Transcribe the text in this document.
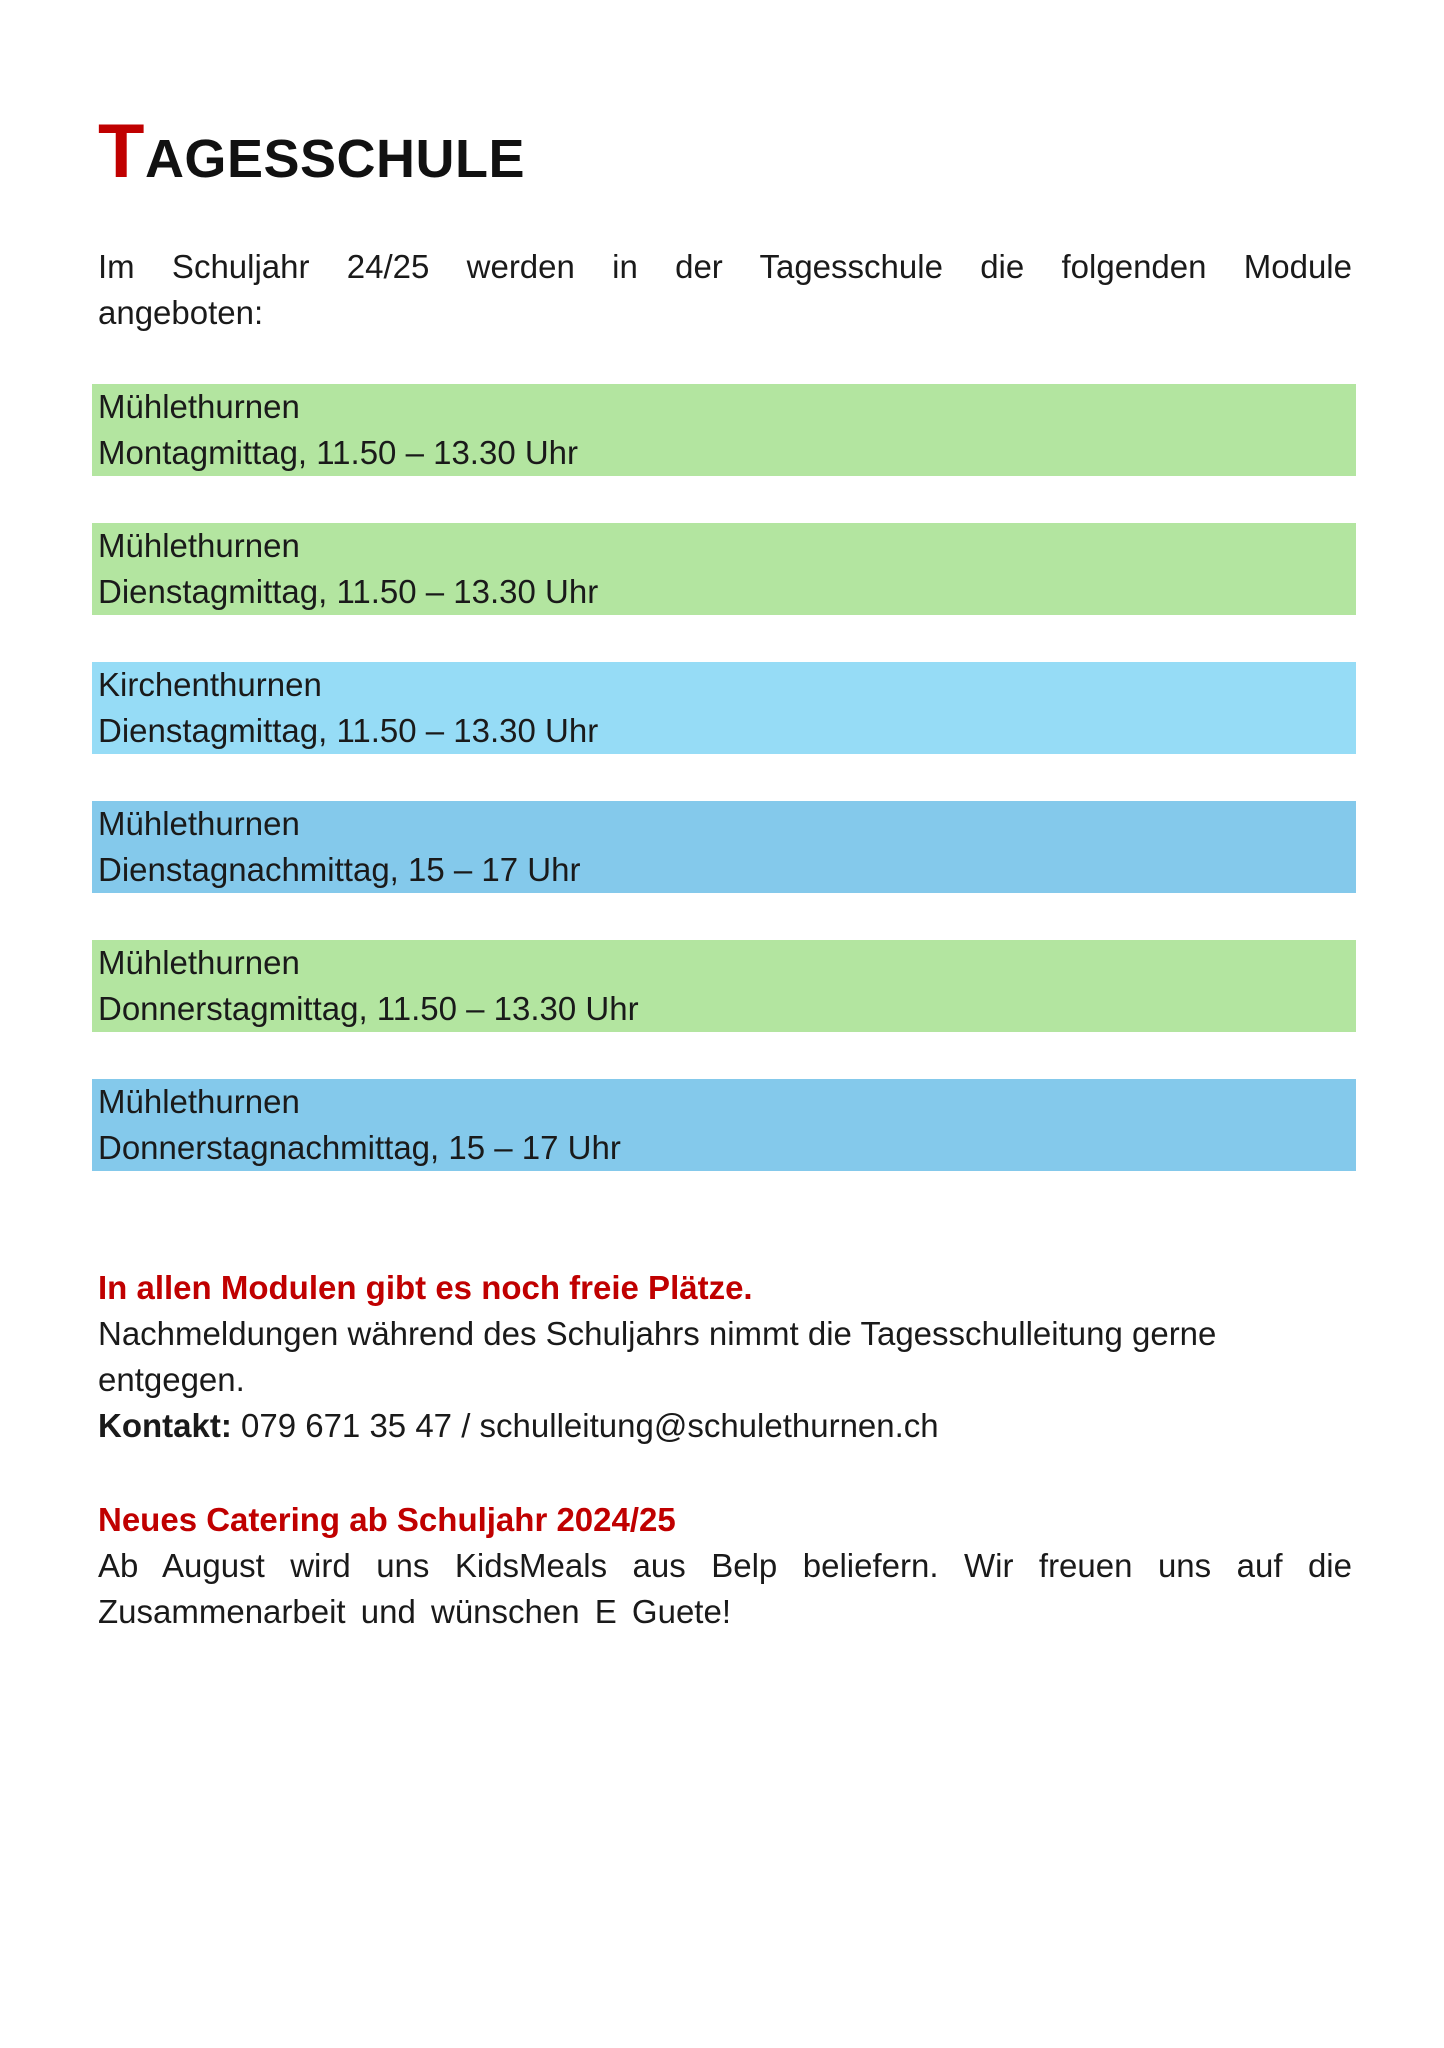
TAGESSCHULE

Im Schuljahr 24/25 werden in der Tagesschule die folgenden Module angeboten:

Mühlethurnen
Montagmittag, 11.50 – 13.30 Uhr
Mühlethurnen
Dienstagmittag, 11.50 – 13.30 Uhr
Kirchenthurnen
Dienstagmittag, 11.50 – 13.30 Uhr
Mühlethurnen
Dienstagnachmittag, 15 – 17 Uhr
Mühlethurnen
Donnerstagmittag, 11.50 – 13.30 Uhr
Mühlethurnen
Donnerstagnachmittag, 15 – 17 Uhr

In allen Modulen gibt es noch freie Plätze.
Nachmeldungen während des Schuljahrs nimmt die Tagesschulleitung gerne entgegen.
Kontakt: 079 671 35 47 / schulleitung@schulethurnen.ch

Neues Catering ab Schuljahr 2024/25
Ab August wird uns KidsMeals aus Belp beliefern. Wir freuen uns auf die Zusammenarbeit und wünschen E Guete!
